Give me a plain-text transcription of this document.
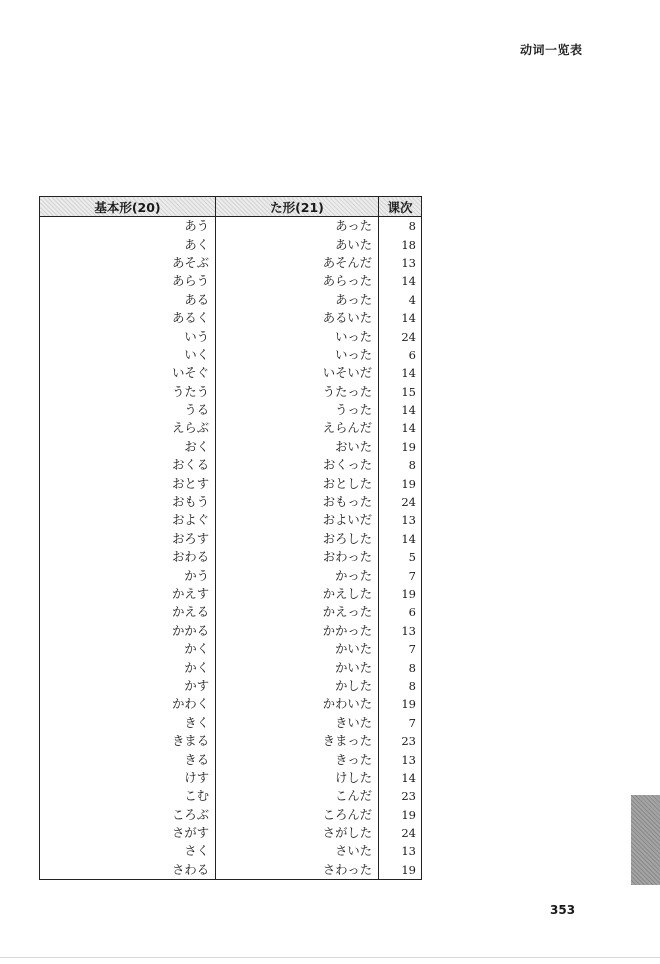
动词一览表
基本形(20)	た形(21)	课次
あう	あった	8
あく	あいた	18
あそぶ	あそんだ	13
あらう	あらった	14
ある	あった	4
あるく	あるいた	14
いう	いった	24
いく	いった	6
いそぐ	いそいだ	14
うたう	うたった	15
うる	うった	14
えらぶ	えらんだ	14
おく	おいた	19
おくる	おくった	8
おとす	おとした	19
おもう	おもった	24
およぐ	およいだ	13
おろす	おろした	14
おわる	おわった	5
かう	かった	7
かえす	かえした	19
かえる	かえった	6
かかる	かかった	13
かく	かいた	7
かく	かいた	8
かす	かした	8
かわく	かわいた	19
きく	きいた	7
きまる	きまった	23
きる	きった	13
けす	けした	14
こむ	こんだ	23
ころぶ	ころんだ	19
さがす	さがした	24
さく	さいた	13
さわる	さわった	19
353
